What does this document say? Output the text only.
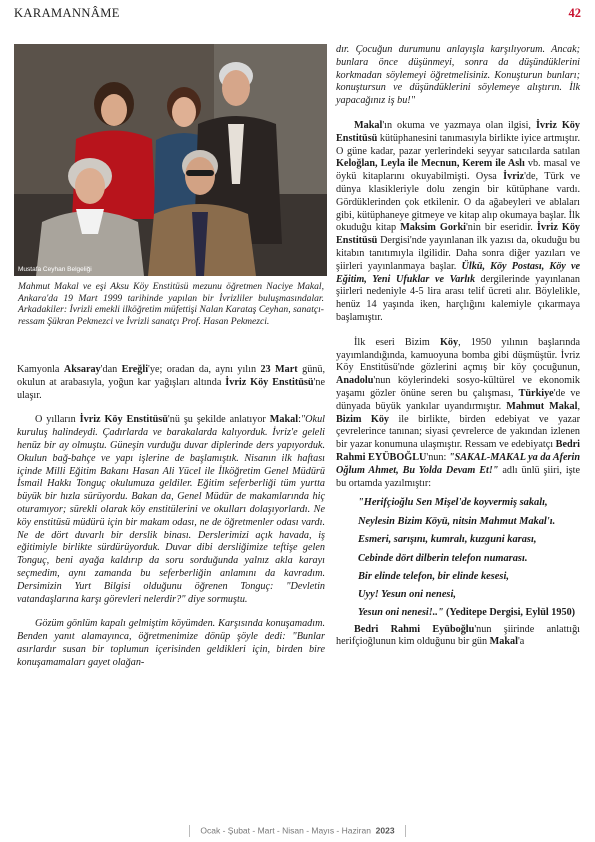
KARAMANNÂME	42
Mustafa Ceyhan Belgeliği
Mahmut Makal ve eşi Aksu Köy Enstitüsü mezunu öğretmen Naciye Makal, Ankara'da 19 Mart 1999 tarihinde yapılan bir İvrizliler buluşmasındalar. Arkadakiler: İvrizli emekli ilköğretim müfettişi Nalan Karataş Ceyhan, sanatçı-ressam Şükran Pekmezci ve İvrizli sanatçı Prof. Hasan Pekmezci.

Kamyonla Aksaray'dan Ereğli'ye; oradan da, aynı yılın 23 Mart günü, okulun at arabasıyla, yoğun kar yağışları altında İvriz Köy Enstitüsü'ne ulaşır.

O yılların İvriz Köy Enstitüsü'nü şu şekilde anlatıyor Makal:"Okul kuruluş halindeydi. Çadırlarda ve barakalarda kalıyorduk. İvriz'e geleli henüz bir ay olmuştu. Güneşin vurduğu duvar diplerinde ders yapıyorduk. Okulun bağ-bahçe ve yapı işlerine de başlamıştık. Nisanın ilk haftası içinde Milli Eğitim Bakanı Hasan Ali Yücel ile İlköğretim Genel Müdürü İsmail Hakkı Tonguç okulumuza geldiler. Eğitim seferberliği tüm yurtta büyük bir hızla sürüyordu. Bakan da, Genel Müdür de makamlarında hiç oturamıyor; sürekli olarak köy enstitülerini ve okulları dolaşıyorlardı. Ne köy enstitüsü müdürü için bir makam odası, ne de öğretmenler odası vardı. Ne de dört duvarlı bir derslik binası. Derslerimizi açık havada, iş eğitimiyle birlikte sürdürüyorduk. Duvar dibi dersliğimize teftişe gelen Tonguç, beni ayağa kaldırıp da soru sorduğunda yalnız akla karayı seçmedim, aynı zamanda bu seferberliğin anlamını da kavradım. Dersimizin Yurt Bilgisi olduğunu öğrenen Tonguç: "Devletin vatandaşlarına karşı görevleri nelerdir?" diye sormuştu.

Gözüm gönlüm kapalı gelmiştim köyümden. Karşısında konuşamadım. Benden yanıt alamayınca, öğretmenimize dönüp şöyle dedi: "Bunlar asırlardır susan bir toplumun içerisinden geldikleri için, birden bire konuşamamaları gayet olağan-

dır. Çocuğun durumunu anlayışla karşılıyorum. Ancak; bunlara önce düşünmeyi, sonra da düşündüklerini korkmadan söylemeyi öğretmelisiniz. Konuşturun bunları; konuştursun ve düşündüklerini söylemeye alıştırın. İlk yapacağınız iş bu!"

Makal'ın okuma ve yazmaya olan ilgisi, İvriz Köy Enstitüsü kütüphanesini tanımasıyla birlikte iyice artmıştır. O güne kadar, pazar yerlerindeki seyyar satıcılarda satılan Keloğlan, Leyla ile Mecnun, Kerem ile Aslı vb. masal ve öykü kitaplarını okuyabilmişti. Oysa İvriz'de, Türk ve dünya klasikleriyle dolu zengin bir kütüphane vardı. Gördüklerinden çok etkilenir. O da ağabeyleri ve ablaları gibi, kütüphaneye gitmeye ve kitap alıp okumaya başlar. İlk okuduğu kitap Maksim Gorki'nin bir eseridir. İvriz Köy Enstitüsü Dergisi'nde yayınlanan ilk yazısı da, okuduğu bu kitabın tanıtımıyla ilgilidir. Daha sonra diğer yazıları ve şiirleri yayınlanmaya başlar. Ülkü, Köy Postası, Köy ve Eğitim, Yeni Ufuklar ve Varlık dergilerinde yayınlanan şiirleri nedeniyle 4-5 lira arası telif ücreti alır. Böylelikle, henüz 14 yaşında iken, harçlığını kalemiyle çıkarmaya başlamıştır.

İlk eseri Bizim Köy, 1950 yılının başlarında yayımlandığında, kamuoyuna bomba gibi düşmüştür. İvriz Köy Enstitüsü'nde gözlerini açmış bir köy çocuğunun, Anadolu'nun köylerindeki sosyo-kültürel ve ekonomik yaşamı gözler önüne seren bu çalışması, Türkiye'de ve dünyada büyük yankılar uyandırmıştır. Mahmut Makal, Bizim Köy ile birlikte, birden edebiyat ve yazar çevrelerince tanınan; siyasi çevrelerce de yakından izlenen bir yazar konumuna ulaşmıştır. Ressam ve edebiyatçı Bedri Rahmi EYÜBOĞLU'nun: "SAKAL-MAKAL ya da Aferin Oğlum Ahmet, Bu Yolda Devam Et!" adlı ünlü şiiri, işte bu ortamda yazılmıştır:

"Herifçioğlu Sen Mişel'de koyvermiş sakalı,
Neylesin Bizim Köyü, nitsin Mahmut Makal'ı.
Esmeri, sarışını, kumralı, kuzguni karası,
Cebinde dört dilberin telefon numarası.
Bir elinde telefon, bir elinde kesesi,
Uyy! Yesun oni nenesi,

Yesun oni nenesi!.." (Yeditepe Dergisi, Eylül 1950)

Bedri Rahmi Eyüboğlu'nun şiirinde anlattığı herifçioğlunun kim olduğunu bir gün Makal'a

Ocak - Şubat - Mart - Nisan - Mayıs - Haziran 2023
